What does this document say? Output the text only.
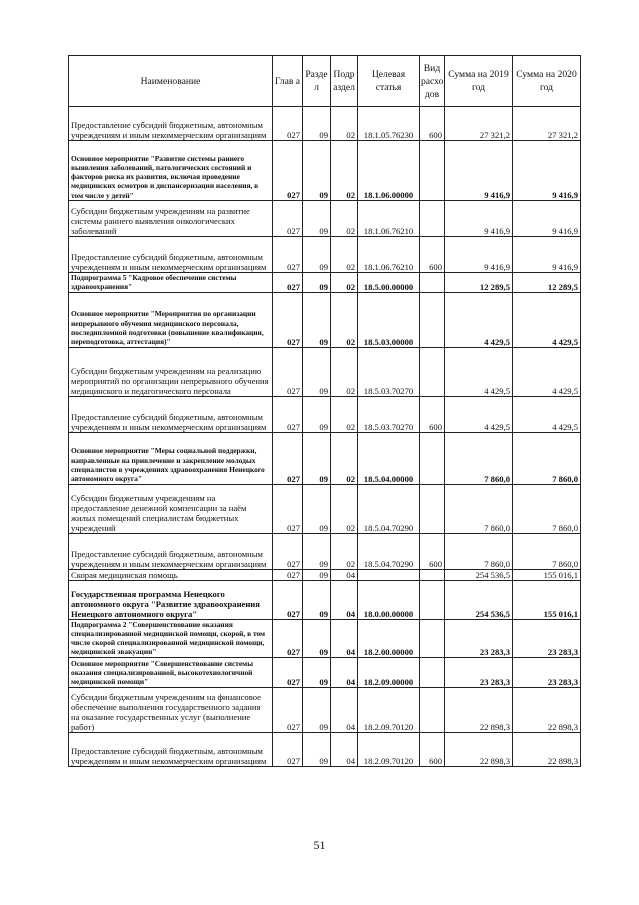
Наименование	Глав а	Разде л	Подр аздел	Целевая статья	Вид расхо дов	Сумма на 2019 год	Сумма на 2020 год
Предоставление субсидий бюджетным, автономным учреждениям и иным некоммерческим организациям	027	09	02	18.1.05.76230	600	27 321,2	27 321,2
Основное мероприятие "Развитие системы раннего выявления заболеваний, патологических состояний и факторов риска их развития, включая проведение медицинских осмотров и диспансеризации населения, в том числе у детей"	027	09	02	18.1.06.00000		9 416,9	9 416,9
Субсидии бюджетным учреждениям на развитие системы раннего выявления онкологических заболеваний	027	09	02	18.1.06.76210		9 416,9	9 416,9
Предоставление субсидий бюджетным, автономным учреждениям и иным некоммерческим организациям	027	09	02	18.1.06.76210	600	9 416,9	9 416,9
Подпрограмма 5 "Кадровое обеспечение системы здравоохранения"	027	09	02	18.5.00.00000		12 289,5	12 289,5
Основное мероприятие "Мероприятия по организации непрерывного обучения медицинского персонала, последипломной подготовки (повышение квалификации, переподготовка, аттестация)"	027	09	02	18.5.03.00000		4 429,5	4 429,5
Субсидии бюджетным учреждениям на реализацию мероприятий по организации непрерывного обучения медицинского и педагогического персонала	027	09	02	18.5.03.70270		4 429,5	4 429,5
Предоставление субсидий бюджетным, автономным учреждениям и иным некоммерческим организациям	027	09	02	18.5.03.70270	600	4 429,5	4 429,5
Основное мероприятие "Меры социальной поддержки, направленные на привлечение и закрепление молодых специалистов в учреждениях здравоохранения Ненецкого автономного округа"	027	09	02	18.5.04.00000		7 860,0	7 860,0
Субсидии бюджетным учреждениям на предоставление денежной компенсации за наём жилых помещений специалистам бюджетных учреждений	027	09	02	18.5.04.70290		7 860,0	7 860,0
Предоставление субсидий бюджетным, автономным учреждениям и иным некоммерческим организациям	027	09	02	18.5.04.70290	600	7 860,0	7 860,0
Скорая медицинская помощь	027	09	04			254 536,5	155 016,1
Государственная программа Ненецкого автономного округа "Развитие здравоохранения Ненецкого автономного округа"	027	09	04	18.0.00.00000		254 536,5	155 016,1
Подпрограмма 2 "Совершенствование оказания специализированной медицинской помощи, скорой, в том числе скорой специализированной медицинской помощи, медицинской эвакуации"	027	09	04	18.2.00.00000		23 283,3	23 283,3
Основное мероприятие "Совершенствование системы оказания специализированной, высокотехнологичной медицинской помощи"	027	09	04	18.2.09.00000		23 283,3	23 283,3
Субсидии бюджетным учреждениям на финансовое обеспечение выполнения государственного задания на оказание государственных услуг (выполнение работ)	027	09	04	18.2.09.70120		22 898,3	22 898,3
Предоставление субсидий бюджетным, автономным учреждениям и иным некоммерческим организациям	027	09	04	18.2.09.70120	600	22 898,3	22 898,3
51
